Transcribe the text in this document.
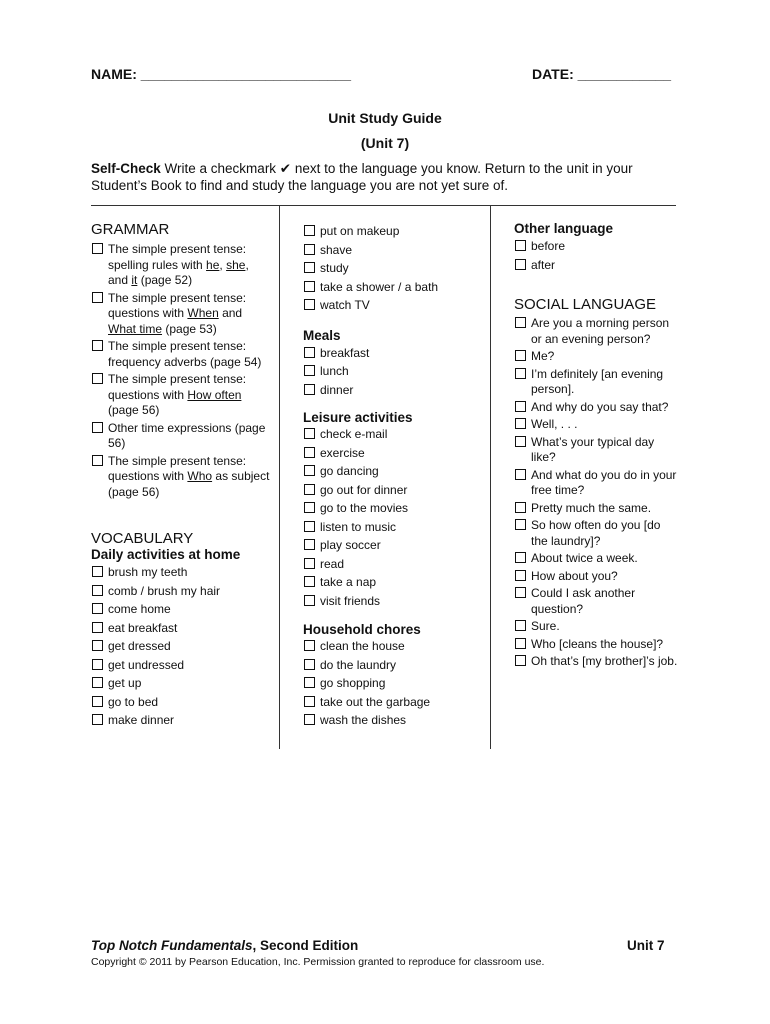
NAME: ___________________________	DATE: ____________
Unit Study Guide
(Unit 7)
Self-Check Write a checkmark ✔ next to the language you know. Return to the unit in your Student’s Book to find and study the language you are not yet sure of.
GRAMMAR
The simple present tense: spelling rules with he, she, and it (page 52)
The simple present tense: questions with When and What time (page 53)
The simple present tense: frequency adverbs (page 54)
The simple present tense: questions with How often (page 56)
Other time expressions (page 56)
The simple present tense: questions with Who as subject (page 56)
VOCABULARY
Daily activities at home
brush my teeth
comb / brush my hair
come home
eat breakfast
get dressed
get undressed
get up
go to bed
make dinner
put on makeup
shave
study
take a shower / a bath
watch TV
Meals
breakfast
lunch
dinner
Leisure activities
check e-mail
exercise
go dancing
go out for dinner
go to the movies
listen to music
play soccer
read
take a nap
visit friends
Household chores
clean the house
do the laundry
go shopping
take out the garbage
wash the dishes
Other language
before
after
SOCIAL LANGUAGE
Are you a morning person or an evening person?
Me?
I’m definitely [an evening person].
And why do you say that?
Well, . . .
What’s your typical day like?
And what do you do in your free time?
Pretty much the same.
So how often do you [do the laundry]?
About twice a week.
How about you?
Could I ask another question?
Sure.
Who [cleans the house]?
Oh that’s [my brother]’s job.
Top Notch Fundamentals, Second Edition	Unit 7
Copyright © 2011 by Pearson Education, Inc. Permission granted to reproduce for classroom use.
